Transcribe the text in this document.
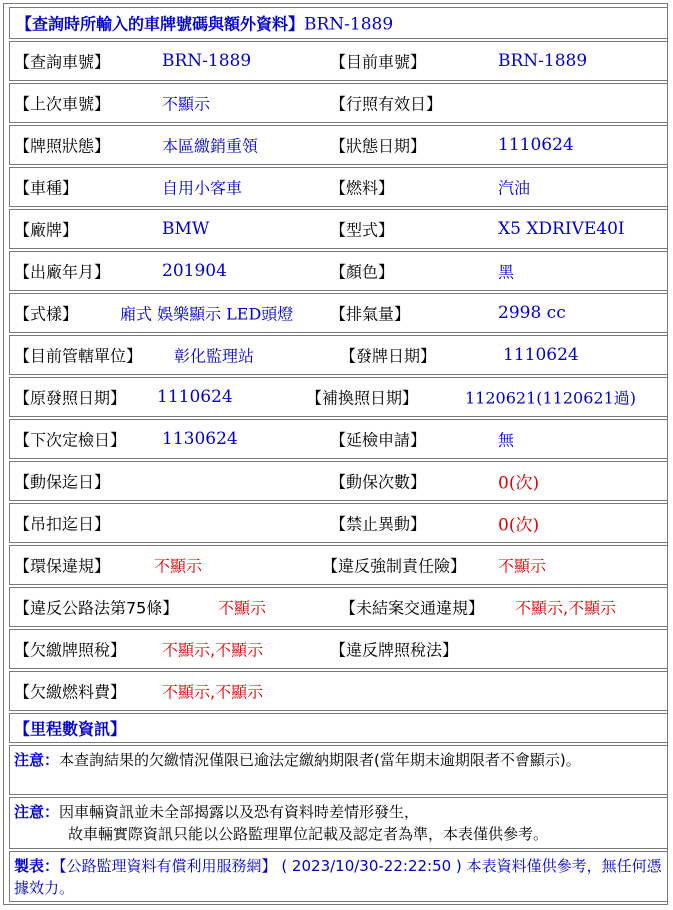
【查詢時所輸入的車牌號碼與額外資料】BRN-1889
【查詢車號】	BRN-1889	【目前車號】	BRN-1889
【上次車號】	不顯示	【行照有效日】
【牌照狀態】	本區繳銷重領	【狀態日期】	1110624
【車種】	自用小客車	【燃料】	汽油
【廠牌】	BMW	【型式】	X5 XDRIVE40I
【出廠年月】	201904	【顏色】	黑
【式樣】	廂式 娛樂顯示 LED頭燈 【排氣量】	2998 cc
【目前管轄單位】 彰化監理站	【發牌日期】	1110624
【原發照日期】 1110624	【補換照日期】	1120621(1120621過)
【下次定檢日】 1130624	【延檢申請】	無
【動保迄日】	【動保次數】	0(次)
【吊扣迄日】	【禁止異動】	0(次)
【環保違規】	不顯示	【違反強制責任險】 不顯示
【違反公路法第75條】 不顯示	【未結案交通違規】 不顯示,不顯示
【欠繳牌照稅】 不顯示,不顯示	【違反牌照稅法】
【欠繳燃料費】 不顯示,不顯示
【里程數資訊】
注意：本查詢結果的欠繳情況僅限已逾法定繳納期限者(當年期末逾期限者不會顯示)。
注意：因車輛資訊並未全部揭露以及恐有資料時差情形發生，
故車輛實際資訊只能以公路監理單位記載及認定者為準，本表僅供參考。
製表：【公路監理資料有償利用服務網】 ( 2023/10/30-22:22:50 ) 本表資料僅供參考，無任何憑據效力。
